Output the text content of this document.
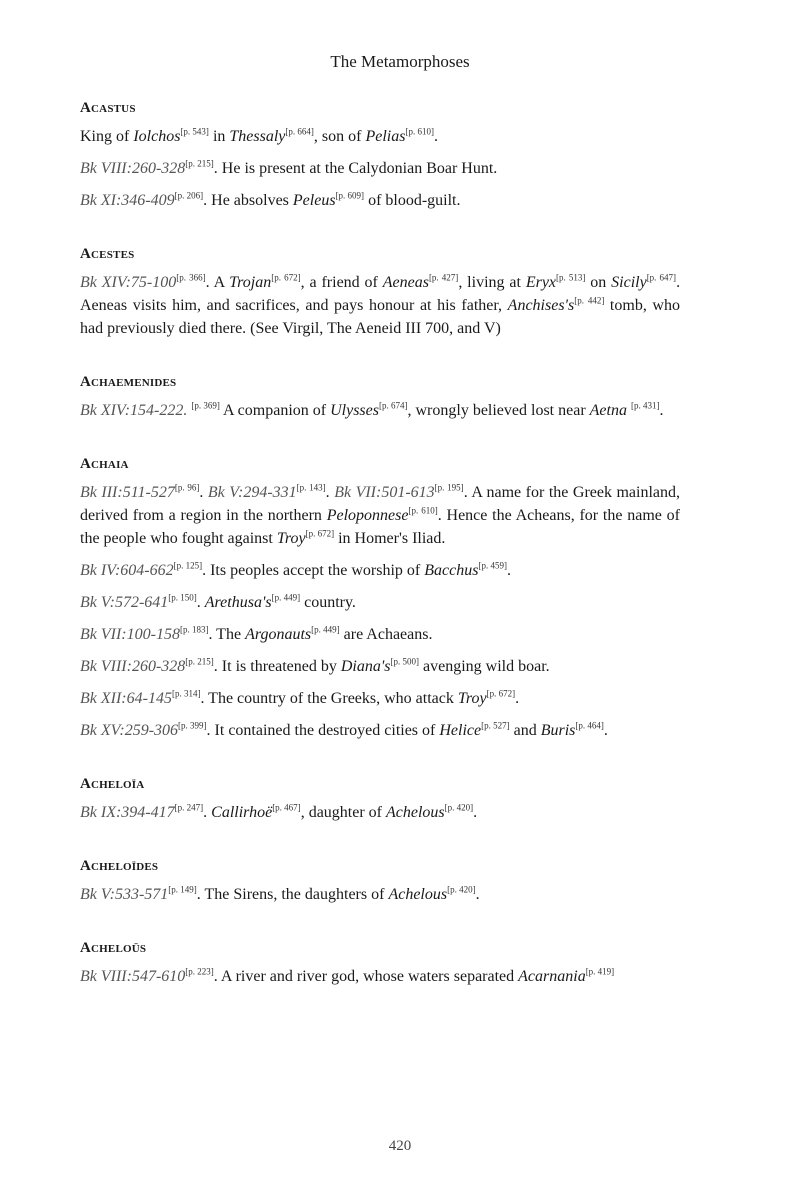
The Metamorphoses
Acastus

King of Iolchos[p. 543] in Thessaly[p. 664], son of Pelias[p. 610].

Bk VIII:260-328[p. 215]. He is present at the Calydonian Boar Hunt.

Bk XI:346-409[p. 206]. He absolves Peleus[p. 609] of blood-guilt.

Acestes

Bk XIV:75-100[p. 366]. A Trojan[p. 672], a friend of Aeneas[p. 427], living at Eryx[p. 513] on Sicily[p. 647]. Aeneas visits him, and sacrifices, and pays honour at his father, Anchises's[p. 442] tomb, who had previously died there. (See Virgil, The Aeneid III 700, and V)

Achaemenides

Bk XIV:154-222. [p. 369] A companion of Ulysses[p. 674], wrongly believed lost near Aetna [p. 431].

Achaia

Bk III:511-527[p. 96]. Bk V:294-331[p. 143]. Bk VII:501-613[p. 195]. A name for the Greek mainland, derived from a region in the northern Peloponnese[p. 610]. Hence the Acheans, for the name of the people who fought against Troy[p. 672] in Homer's Iliad.

Bk IV:604-662[p. 125]. Its peoples accept the worship of Bacchus[p. 459].

Bk V:572-641[p. 150]. Arethusa's[p. 449] country.

Bk VII:100-158[p. 183]. The Argonauts[p. 449] are Achaeans.

Bk VIII:260-328[p. 215]. It is threatened by Diana's[p. 500] avenging wild boar.

Bk XII:64-145[p. 314]. The country of the Greeks, who attack Troy[p. 672].

Bk XV:259-306[p. 399]. It contained the destroyed cities of Helice[p. 527] and Buris[p. 464].

Acheloïa

Bk IX:394-417[p. 247]. Callirhoë[p. 467], daughter of Achelous[p. 420].

Acheloïdes

Bk V:533-571[p. 149]. The Sirens, the daughters of Achelous[p. 420].

Acheloüs

Bk VIII:547-610[p. 223]. A river and river god, whose waters separated Acarnania[p. 419]

420
